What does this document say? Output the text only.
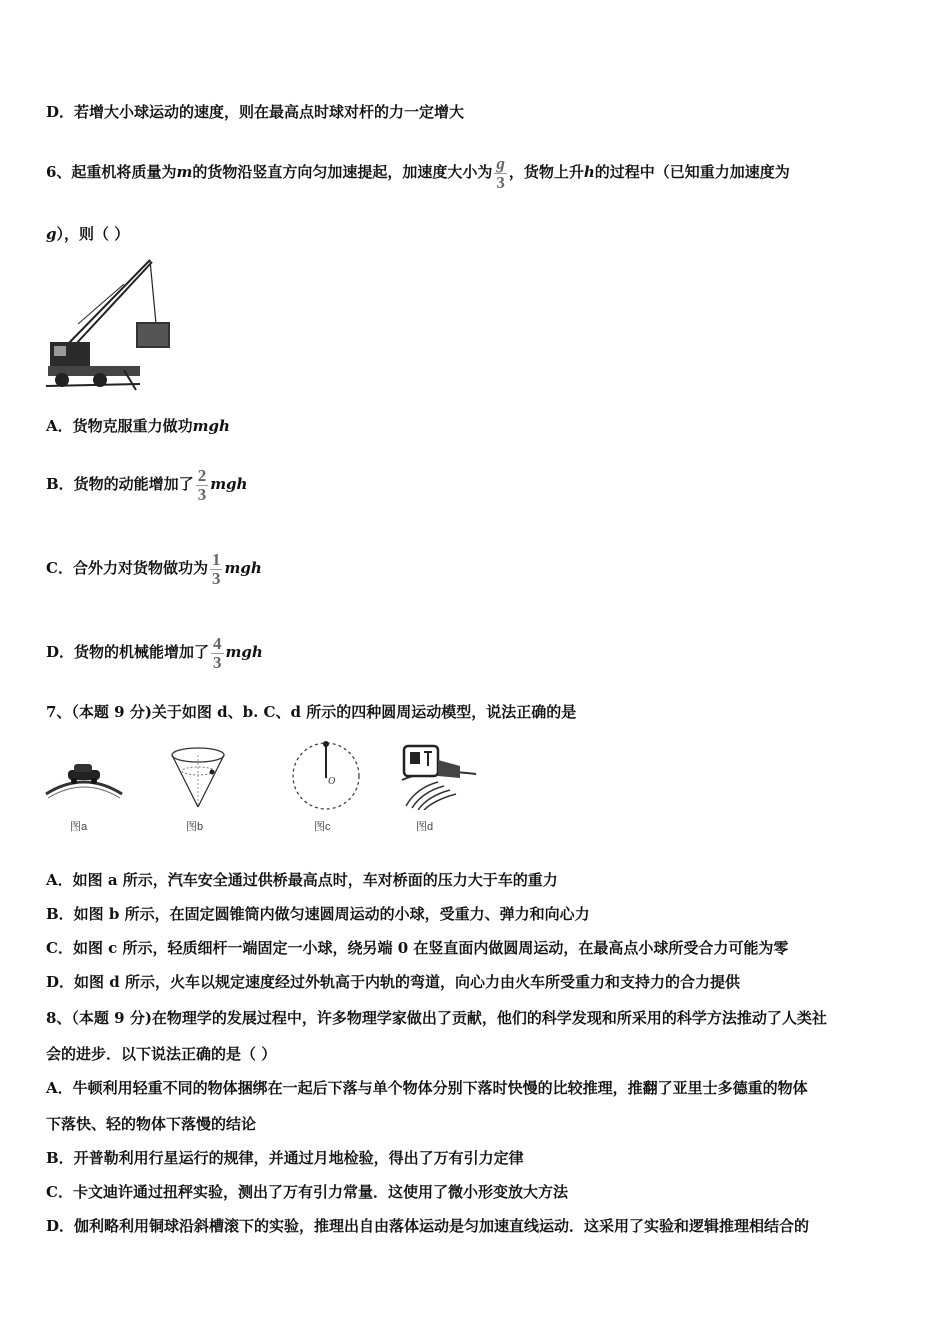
D．若增大小球运动的速度，则在最高点时球对杆的力一定增大
6、起重机将质量为m的货物沿竖直方向匀加速提起，加速度大小为 $\frac{g}{3}$ ，货物上升h的过程中（已知重力加速度为
g），则（ ）
A．货物克服重力做功mgh
B．货物的动能增加了 $\frac{2}{3}$ mgh
C．合外力对货物做功为 $\frac{1}{3}$ mgh
D．货物的机械能增加了 $\frac{4}{3}$ mgh
7、（本题 9 分)关于如图 d、b. C、d 所示的四种圆周运动模型，说法正确的是
图a	图b
O
图c	图d
A．如图 a 所示，汽车安全通过供桥最高点时，车对桥面的压力大于车的重力
B．如图 b 所示，在固定圆锥筒内做匀速圆周运动的小球，受重力、弹力和向心力
C．如图 c 所示，轻质细杆一端固定一小球，绕另端 0 在竖直面内做圆周运动，在最高点小球所受合力可能为零
D．如图 d 所示，火车以规定速度经过外轨高于内轨的弯道，向心力由火车所受重力和支持力的合力提供
8、（本题 9 分)在物理学的发展过程中，许多物理学家做出了贡献，他们的科学发现和所采用的科学方法推动了人类社
会的进步．以下说法正确的是（ ）
A．牛顿利用轻重不同的物体捆绑在一起后下落与单个物体分别下落时快慢的比较推理，推翻了亚里士多德重的物体
下落快、轻的物体下落慢的结论
B．开普勒利用行星运行的规律，并通过月地检验，得出了万有引力定律
C．卡文迪许通过扭秤实验，测出了万有引力常量．这使用了微小形变放大方法
D．伽利略利用铜球沿斜槽滚下的实验，推理出自由落体运动是匀加速直线运动．这采用了实验和逻辑推理相结合的
